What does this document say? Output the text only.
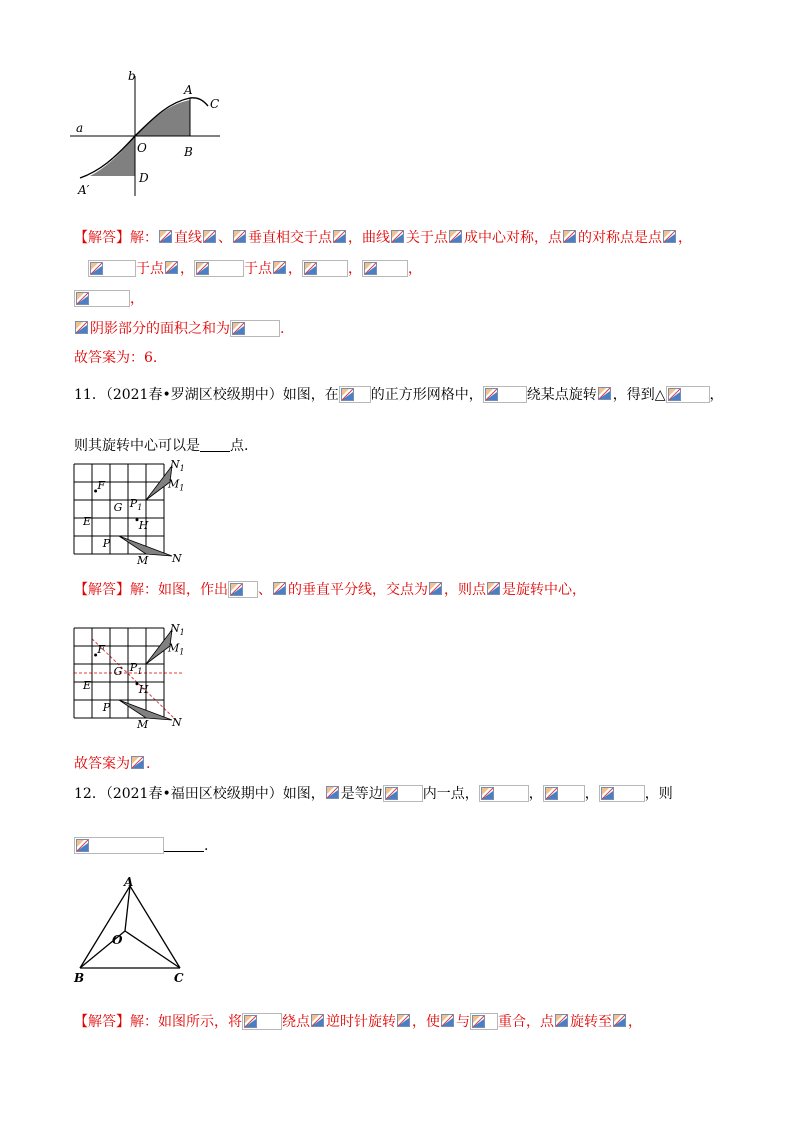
b
a
A
C
O	B
D
A′
【解答】解： 直线 、 垂直相交于点 ，曲线 关于点 成中心对称，点 的对称点是点 ，
于点 ，	于点 ，	，	，
，
阴影部分的面积之和为	.
故答案为：6.
11．（2021春•罗湖区校级期中）如图，在 的正方形网格中，	绕某点旋转 ，得到△	，
则其旋转中心可以是 点.
$N_1$
$M_1$
F
G $P_1$
E	H
P
M N
【解答】解：如图，作出 、 的垂直平分线，交点为 ，则点 是旋转中心，
$N_1$
$M_1$
F
G $P_1$
E	H
P
M N
故答案为 .
12．（2021春•福田区校级期中）如图， 是等边	内一点，	，	，	，则
.
A
O
B	C
【解答】解：如图所示，将	绕点 逆时针旋转 ，使 与 重合，点 旋转至 ，
